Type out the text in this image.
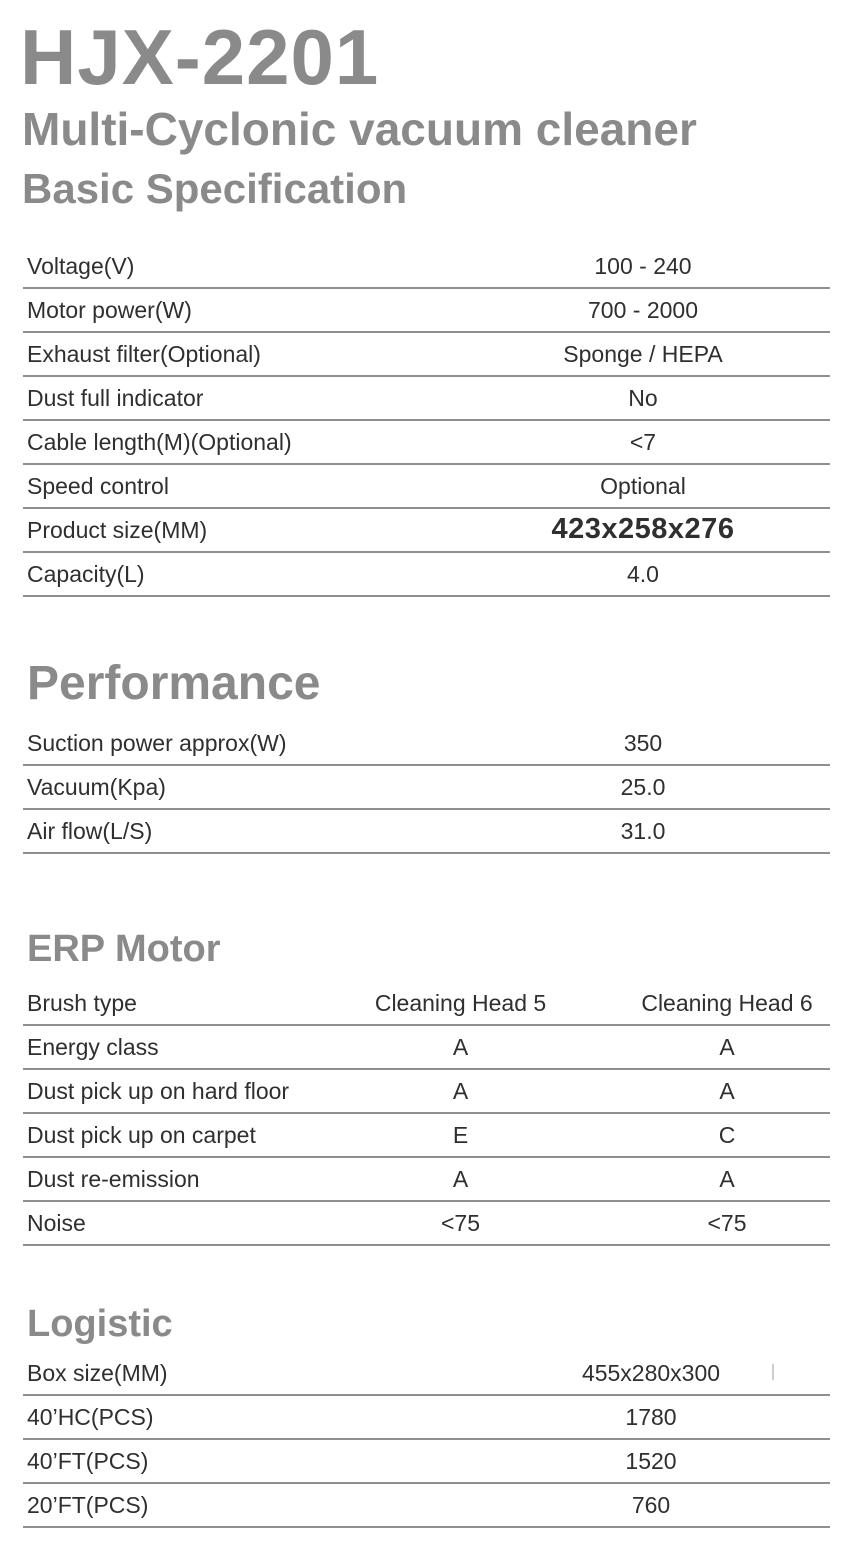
HJX-2201
Multi-Cyclonic vacuum cleaner
Basic Specification
Voltage(V)	100 - 240
Motor power(W)	700 - 2000
Exhaust filter(Optional)	Sponge / HEPA
Dust full indicator	No
Cable length(M)(Optional)	<7
Speed control	Optional
Product size(MM)	423x258x276
Capacity(L)	4.0
Performance
Suction power approx(W)	350
Vacuum(Kpa)	25.0
Air flow(L/S)	31.0
ERP Motor
Brush type	Cleaning Head 5	Cleaning Head 6
Energy class	A	A
Dust pick up on hard floor	A	A
Dust pick up on carpet	E	C
Dust re-emission	A	A
Noise	<75	<75
Logistic
Box size(MM)	455x280x300
40’HC(PCS)	1780
40’FT(PCS)	1520
20’FT(PCS)	760
